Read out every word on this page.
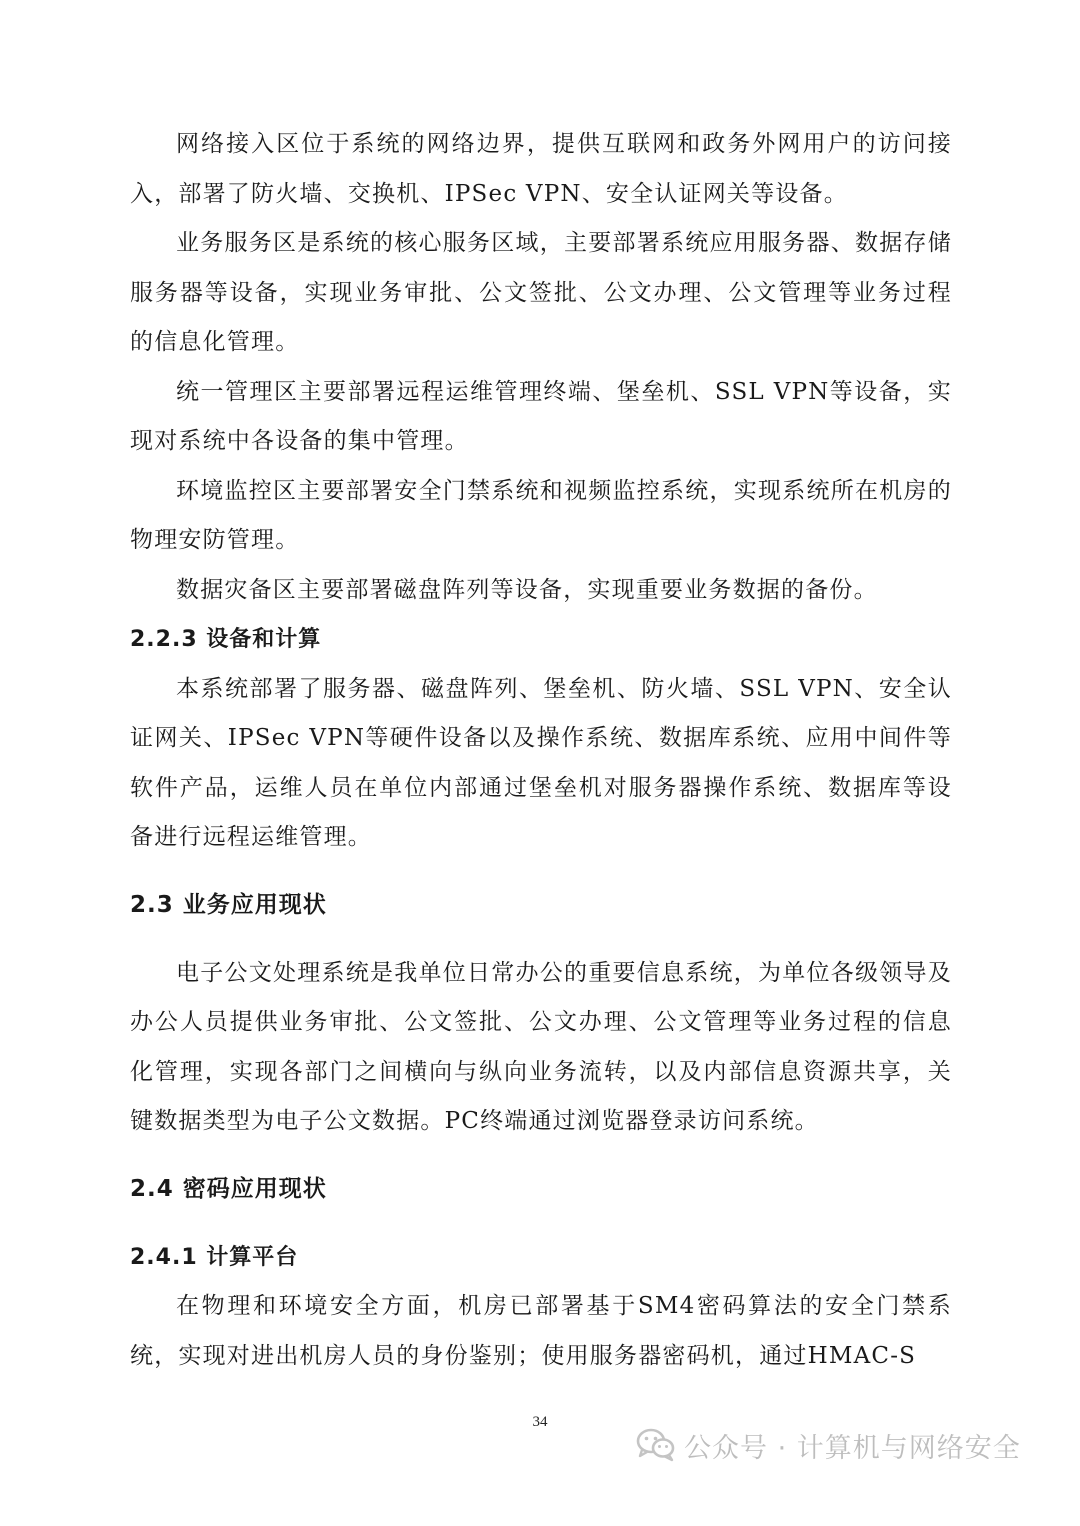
网络接入区位于系统的网络边界，提供互联网和政务外网用户的访问接入，部署了防火墙、交换机、IPSec VPN、安全认证网关等设备。

业务服务区是系统的核心服务区域，主要部署系统应用服务器、数据存储服务器等设备，实现业务审批、公文签批、公文办理、公文管理等业务过程的信息化管理。

统一管理区主要部署远程运维管理终端、堡垒机、SSL VPN等设备，实现对系统中各设备的集中管理。

环境监控区主要部署安全门禁系统和视频监控系统，实现系统所在机房的物理安防管理。

数据灾备区主要部署磁盘阵列等设备，实现重要业务数据的备份。

2.2.3 设备和计算

本系统部署了服务器、磁盘阵列、堡垒机、防火墙、SSL VPN、安全认证网关、IPSec VPN等硬件设备以及操作系统、数据库系统、应用中间件等软件产品，运维人员在单位内部通过堡垒机对服务器操作系统、数据库等设备进行远程运维管理。

2.3 业务应用现状

电子公文处理系统是我单位日常办公的重要信息系统，为单位各级领导及办公人员提供业务审批、公文签批、公文办理、公文管理等业务过程的信息化管理，实现各部门之间横向与纵向业务流转，以及内部信息资源共享，关键数据类型为电子公文数据。PC终端通过浏览器登录访问系统。

2.4 密码应用现状
2.4.1 计算平台

在物理和环境安全方面，机房已部署基于SM4密码算法的安全门禁系统，实现对进出机房人员的身份鉴别；使用服务器密码机，通过HMAC-S

34
公众号 · 计算机与网络安全
